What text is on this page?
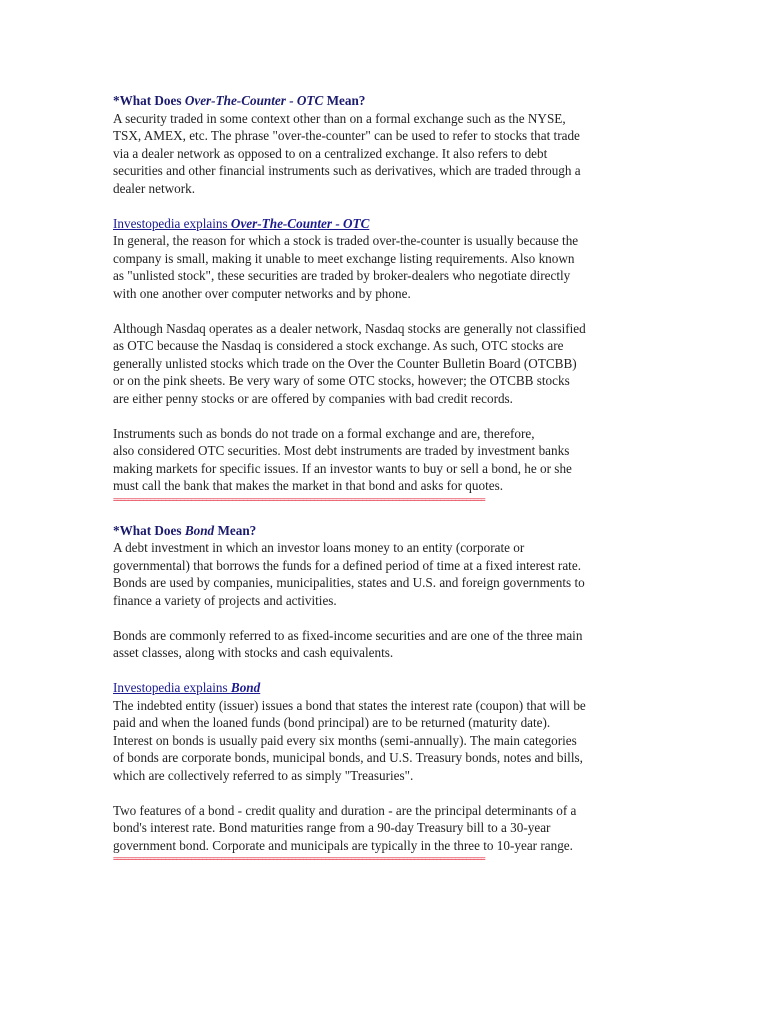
*What Does Over-The-Counter - OTC Mean?
A security traded in some context other than on a formal exchange such as the NYSE,
TSX, AMEX, etc. The phrase "over-the-counter" can be used to refer to stocks that trade
via a dealer network as opposed to on a centralized exchange. It also refers to debt
securities and other financial instruments such as derivatives, which are traded through a
dealer network.
Investopedia explains Over-The-Counter - OTC
In general, the reason for which a stock is traded over-the-counter is usually because the
company is small, making it unable to meet exchange listing requirements. Also known
as "unlisted stock", these securities are traded by broker-dealers who negotiate directly
with one another over computer networks and by phone.
Although Nasdaq operates as a dealer network, Nasdaq stocks are generally not classified
as OTC because the Nasdaq is considered a stock exchange. As such, OTC stocks are
generally unlisted stocks which trade on the Over the Counter Bulletin Board (OTCBB)
or on the pink sheets. Be very wary of some OTC stocks, however; the OTCBB stocks
are either penny stocks or are offered by companies with bad credit records.
Instruments such as bonds do not trade on a formal exchange and are, therefore,
also considered OTC securities. Most debt instruments are traded by investment banks
making markets for specific issues. If an investor wants to buy or sell a bond, he or she
must call the bank that makes the market in that bond and asks for quotes.
====================================================================================================
*What Does Bond Mean?
A debt investment in which an investor loans money to an entity (corporate or
governmental) that borrows the funds for a defined period of time at a fixed interest rate.
Bonds are used by companies, municipalities, states and U.S. and foreign governments to
finance a variety of projects and activities.
Bonds are commonly referred to as fixed-income securities and are one of the three main
asset classes, along with stocks and cash equivalents.
Investopedia explains Bond
The indebted entity (issuer) issues a bond that states the interest rate (coupon) that will be
paid and when the loaned funds (bond principal) are to be returned (maturity date).
Interest on bonds is usually paid every six months (semi-annually). The main categories
of bonds are corporate bonds, municipal bonds, and U.S. Treasury bonds, notes and bills,
which are collectively referred to as simply "Treasuries".
Two features of a bond - credit quality and duration - are the principal determinants of a
bond's interest rate. Bond maturities range from a 90-day Treasury bill to a 30-year
government bond. Corporate and municipals are typically in the three to 10-year range.
====================================================================================================
